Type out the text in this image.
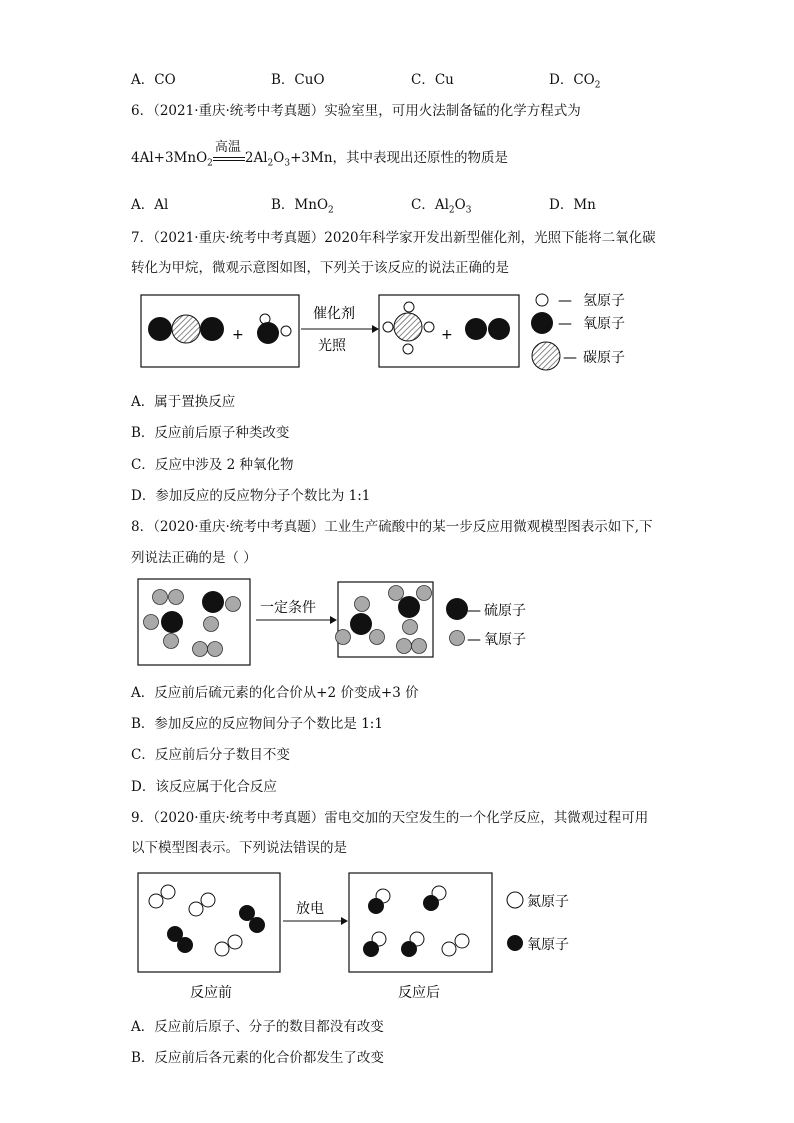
A．CO	B．CuO	C．Cu	D．$CO_2$
6．（2021·重庆·统考中考真题）实验室里，可用火法制备锰的化学方程式为
4Al+3MnO$_2$
高温
$2Al_2O_3+3Mn$，其中表现出还原性的物质是
A．Al	B．MnO$_2$	C．$Al_2O_3$	D．Mn
7．（2021·重庆·统考中考真题）2020年科学家开发出新型催化剂，光照下能将二氧化碳
转化为甲烷，微观示意图如图，下列关于该反应的说法正确的是
+
催化剂
光照
+
— 氢原子
— 氧原子
— 碳原子
一定条件	— 硫原子
— 氧原子
反应前
放电
反应后
氮原子
氧原子
A．属于置换反应
B．反应前后原子种类改变
C．反应中涉及 2 种氧化物
D．参加反应的反应物分子个数比为 1:1
8．（2020·重庆·统考中考真题）工业生产硫酸中的某一步反应用微观模型图表示如下,下
列说法正确的是（ ）
A．反应前后硫元素的化合价从+2 价变成+3 价
B．参加反应的反应物间分子个数比是 1:1
C．反应前后分子数目不变
D．该反应属于化合反应
9．（2020·重庆·统考中考真题）雷电交加的天空发生的一个化学反应，其微观过程可用
以下模型图表示。下列说法错误的是
A．反应前后原子、分子的数目都没有改变
B．反应前后各元素的化合价都发生了改变
